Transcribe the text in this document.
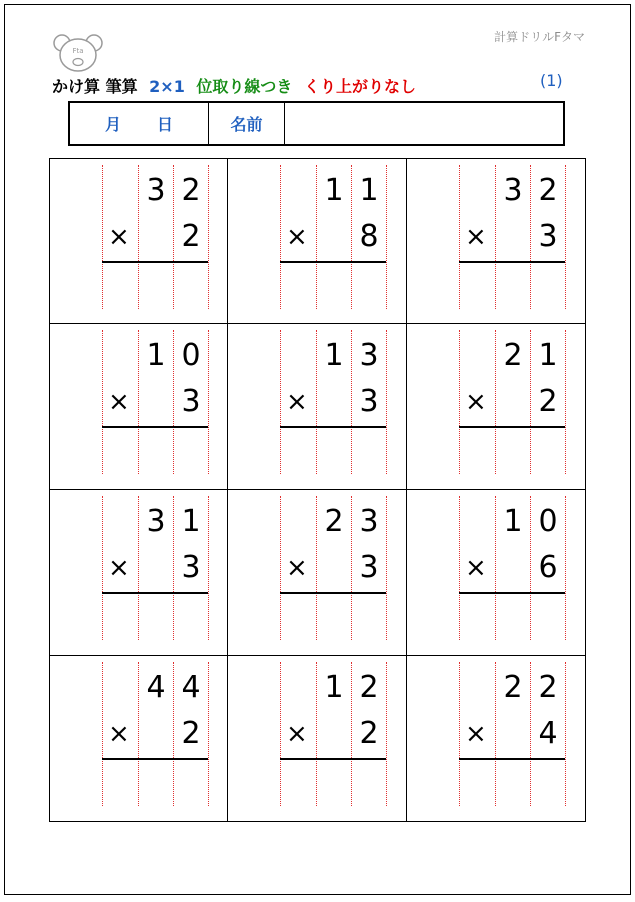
Fta
計算ドリルFタマ
かけ算 筆算 2×1 位取り線つき くり上がりなし	(1)
月 日	名前
3 2
2
×
1 1
8
×
3 2
3
×
1 0
3
×
1 3
3
×
2 1
2
×
3 1
3
×
2 3
3
×
1 0
6
×
4 4
2
×
1 2
2
×
2 2
4
×
